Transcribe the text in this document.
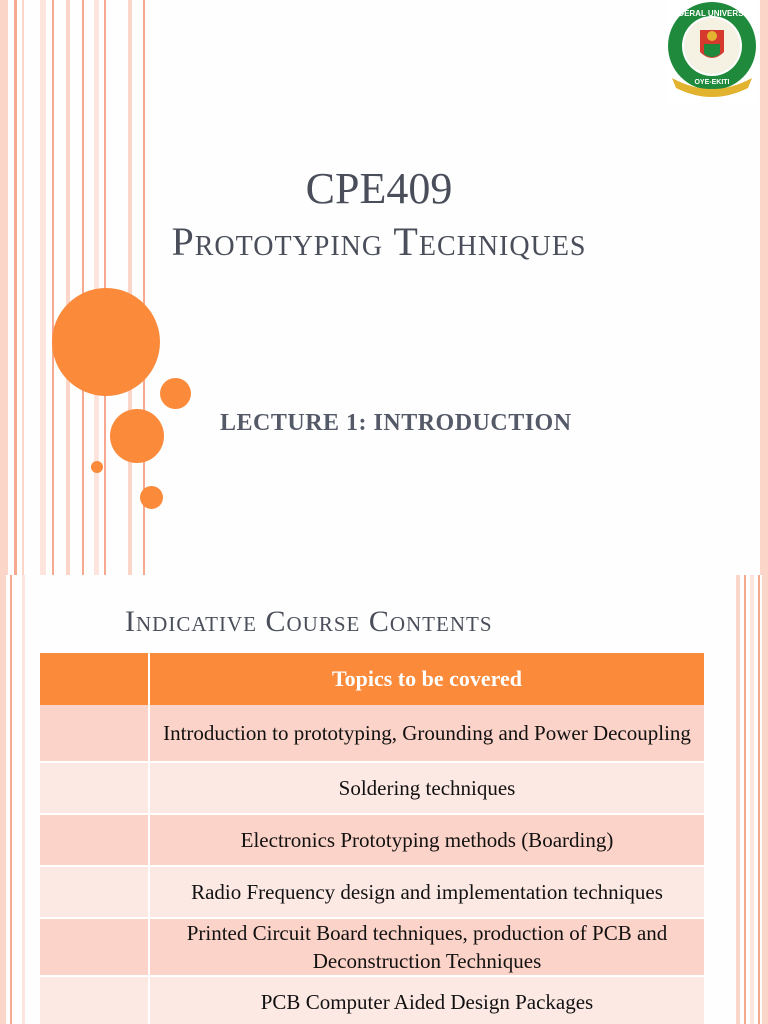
FEDERAL UNIVERSITY
OYE-EKITI
CPE409
Prototyping Techniques
LECTURE 1: INTRODUCTION
Indicative Course Contents
	Topics to be covered
	Introduction to prototyping, Grounding and Power Decoupling
	Soldering techniques
	Electronics Prototyping methods (Boarding)
	Radio Frequency design and implementation techniques
	Printed Circuit Board techniques, production of PCB and Deconstruction Techniques
	PCB Computer Aided Design Packages
